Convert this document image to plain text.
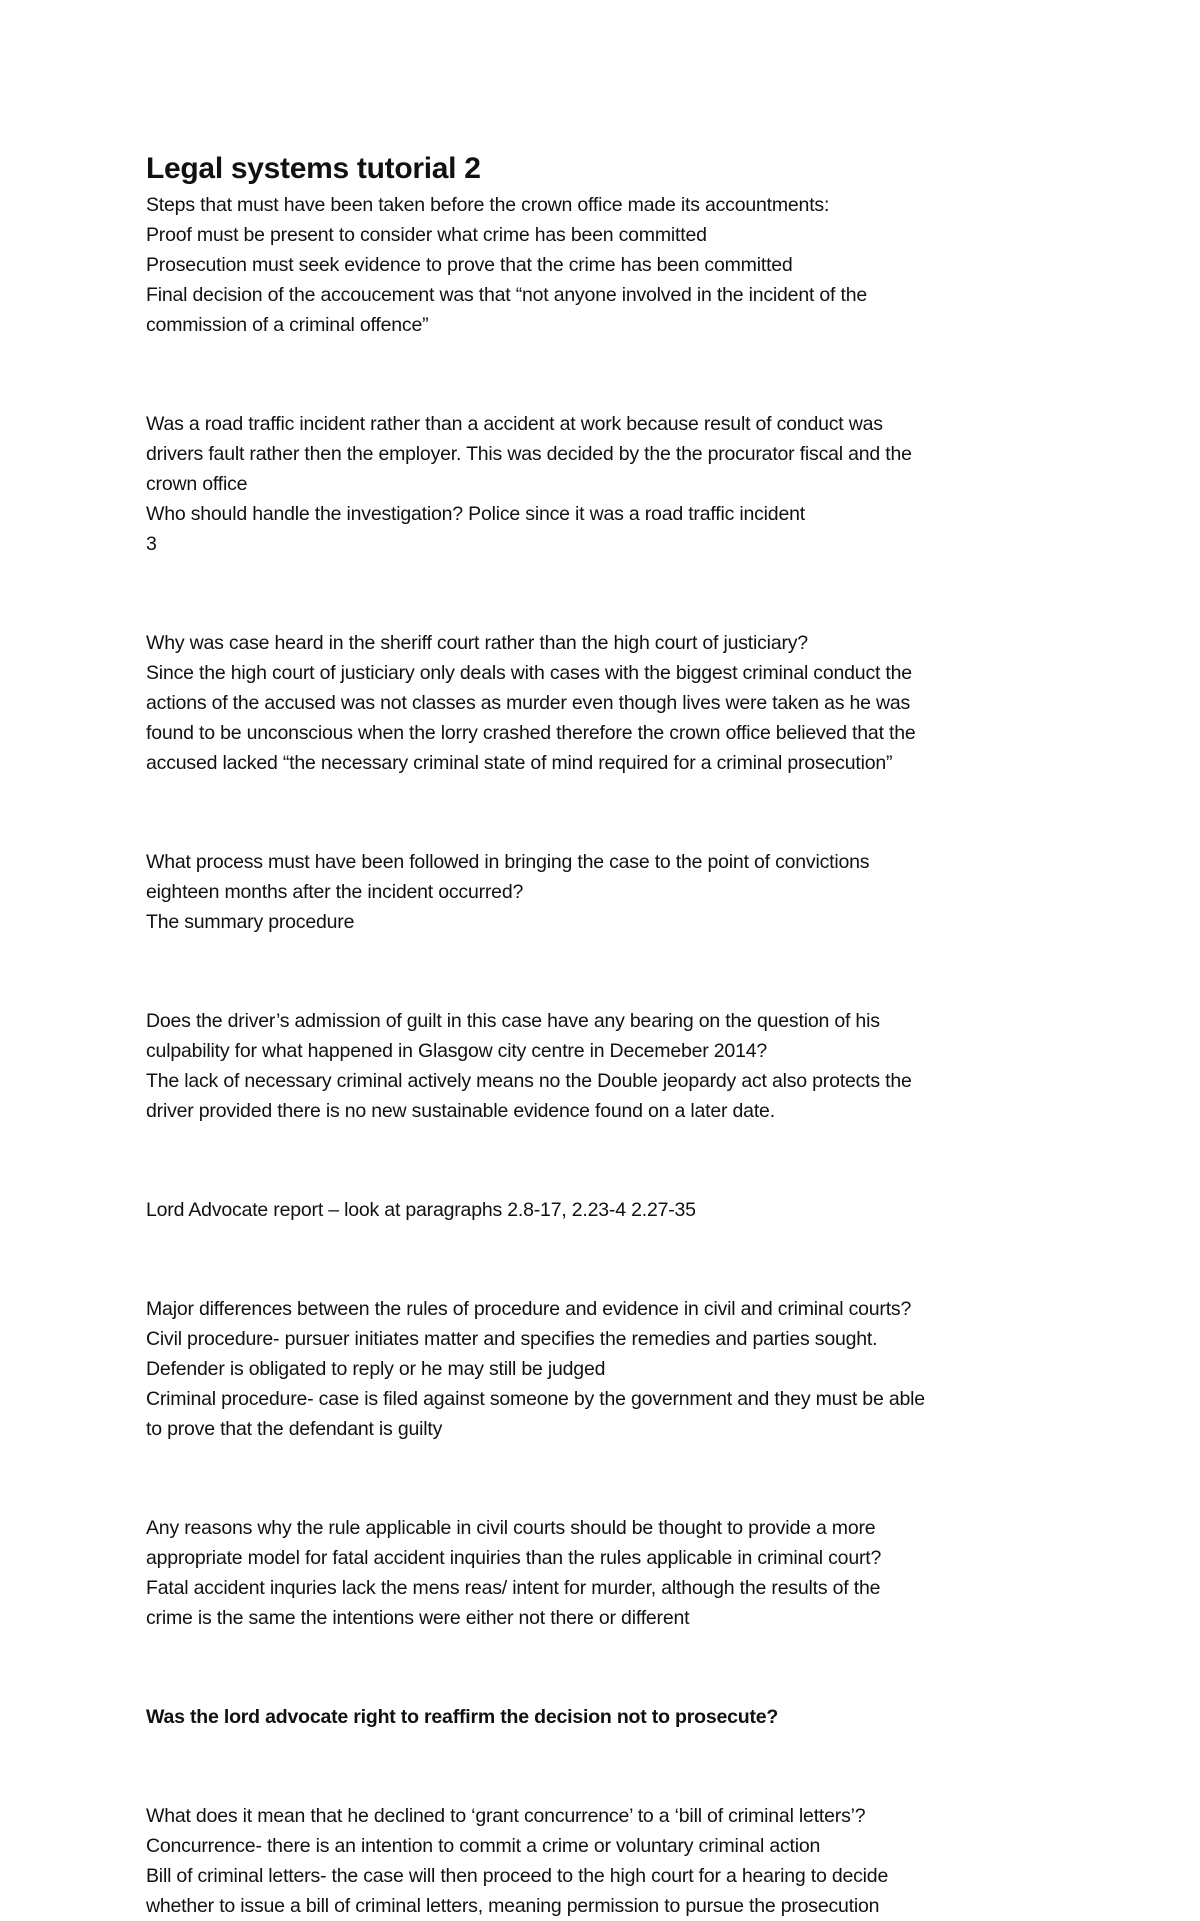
Legal systems tutorial 2

Steps that must have been taken before the crown office made its accountments:

Proof must be present to consider what crime has been committed

Prosecution must seek evidence to prove that the crime has been committed

Final decision of the accoucement was that “not anyone involved in the incident of the

commission of a criminal offence”

Was a road traffic incident rather than a accident at work because result of conduct was

drivers fault rather then the employer. This was decided by the the procurator fiscal and the

crown office

Who should handle the investigation? Police since it was a road traffic incident

3

Why was case heard in the sheriff court rather than the high court of justiciary?

Since the high court of justiciary only deals with cases with the biggest criminal conduct the

actions of the accused was not classes as murder even though lives were taken as he was

found to be unconscious when the lorry crashed therefore the crown office believed that the

accused lacked “the necessary criminal state of mind required for a criminal prosecution”

What process must have been followed in bringing the case to the point of convictions

eighteen months after the incident occurred?

The summary procedure

Does the driver’s admission of guilt in this case have any bearing on the question of his

culpability for what happened in Glasgow city centre in Decemeber 2014?

The lack of necessary criminal actively means no the Double jeopardy act also protects the

driver provided there is no new sustainable evidence found on a later date.

Lord Advocate report – look at paragraphs 2.8-17, 2.23-4 2.27-35

Major differences between the rules of procedure and evidence in civil and criminal courts?

Civil procedure- pursuer initiates matter and specifies the remedies and parties sought.

Defender is obligated to reply or he may still be judged

Criminal procedure- case is filed against someone by the government and they must be able

to prove that the defendant is guilty

Any reasons why the rule applicable in civil courts should be thought to provide a more

appropriate model for fatal accident inquiries than the rules applicable in criminal court?

Fatal accident inquries lack the mens reas/ intent for murder, although the results of the

crime is the same the intentions were either not there or different

Was the lord advocate right to reaffirm the decision not to prosecute?

What does it mean that he declined to ‘grant concurrence’ to a ‘bill of criminal letters’?

Concurrence- there is an intention to commit a crime or voluntary criminal action

Bill of criminal letters- the case will then proceed to the high court for a hearing to decide

whether to issue a bill of criminal letters, meaning permission to pursue the prosecution
